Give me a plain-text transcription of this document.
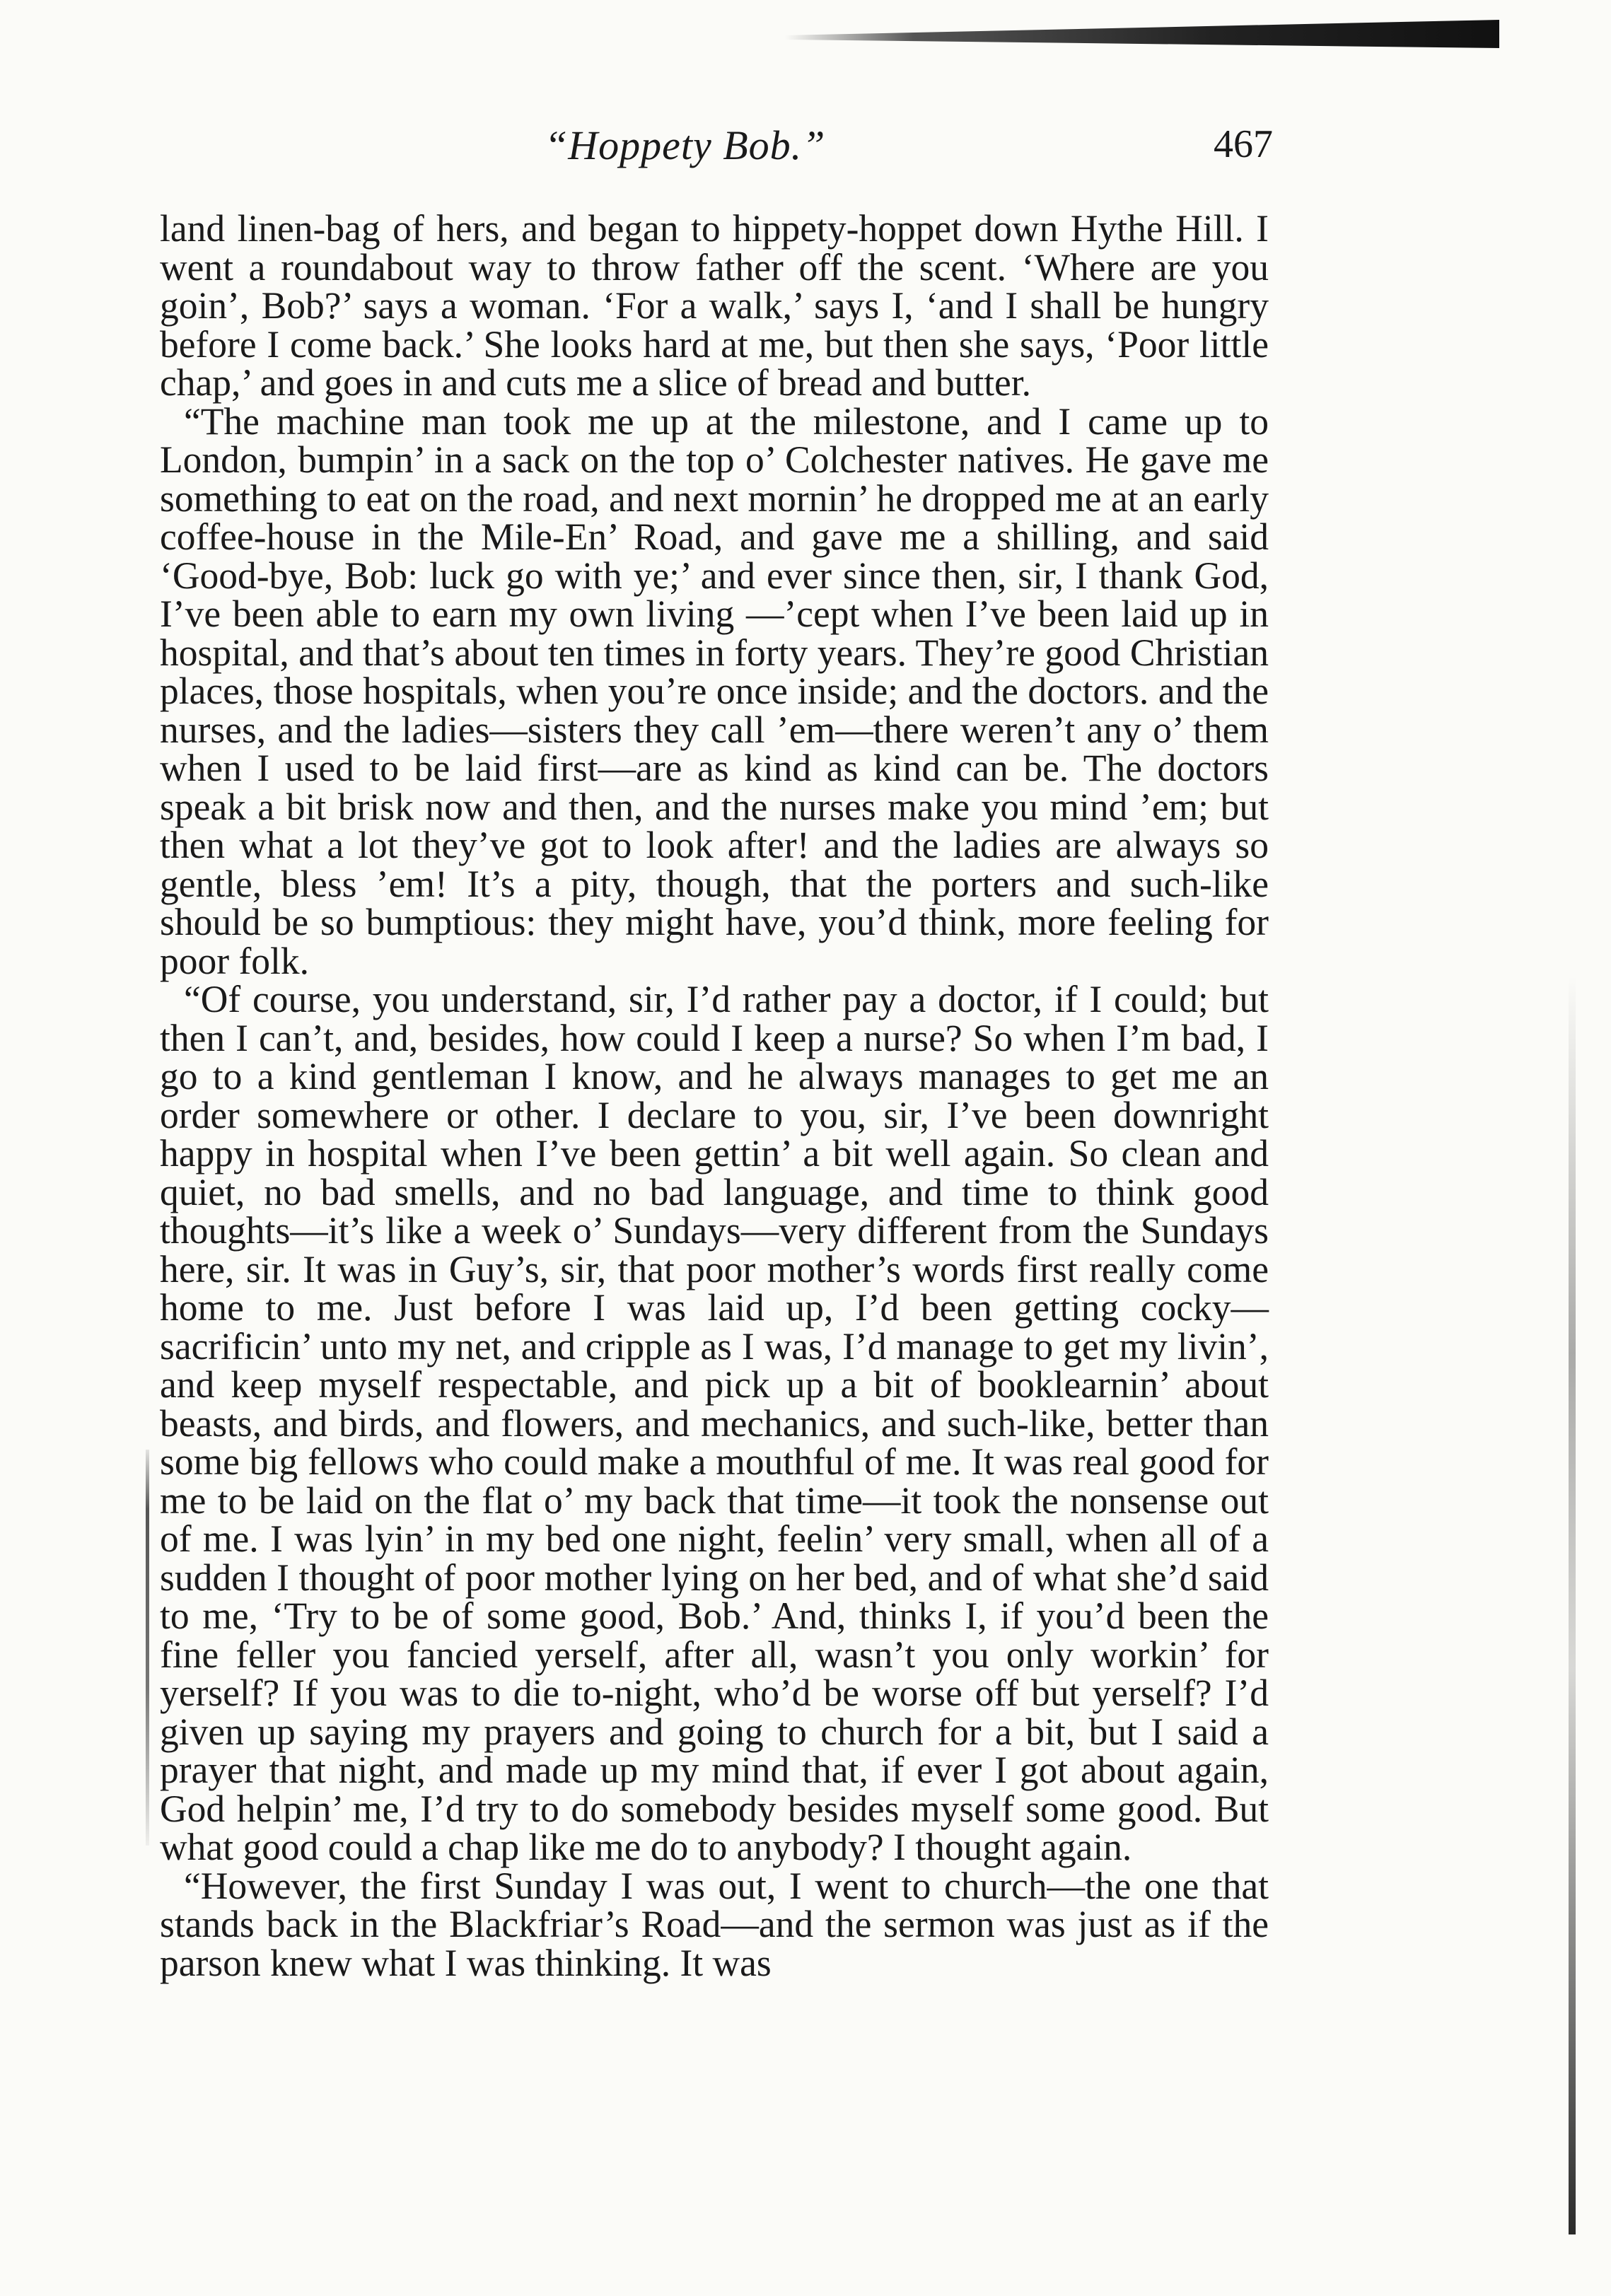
“Hoppety Bob.”	467

land linen-bag of hers, and began to hippety-hoppet down Hythe Hill. I went a roundabout way to throw father off the scent. ‘Where are you goin’, Bob?’ says a woman. ‘For a walk,’ says I, ‘and I shall be hungry before I come back.’ She looks hard at me, but then she says, ‘Poor little chap,’ and goes in and cuts me a slice of bread and butter.

“The machine man took me up at the milestone, and I came up to London, bumpin’ in a sack on the top o’ Colchester natives. He gave me something to eat on the road, and next mornin’ he dropped me at an early coffee-house in the Mile-En’ Road, and gave me a shilling, and said ‘Good-bye, Bob: luck go with ye;’ and ever since then, sir, I thank God, I’ve been able to earn my own living —’cept when I’ve been laid up in hospital, and that’s about ten times in forty years. They’re good Christian places, those hospitals, when you’re once inside; and the doctors. and the nurses, and the ladies—sisters they call ’em—there weren’t any o’ them when I used to be laid first—are as kind as kind can be. The doctors speak a bit brisk now and then, and the nurses make you mind ’em; but then what a lot they’ve got to look after! and the ladies are always so gentle, bless ’em! It’s a pity, though, that the porters and such-like should be so bumptious: they might have, you’d think, more feeling for poor folk.

“Of course, you understand, sir, I’d rather pay a doctor, if I could; but then I can’t, and, besides, how could I keep a nurse? So when I’m bad, I go to a kind gentleman I know, and he always manages to get me an order somewhere or other. I declare to you, sir, I’ve been downright happy in hospital when I’ve been gettin’ a bit well again. So clean and quiet, no bad smells, and no bad language, and time to think good thoughts—it’s like a week o’ Sundays—very different from the Sundays here, sir. It was in Guy’s, sir, that poor mother’s words first really come home to me. Just before I was laid up, I’d been getting cocky—sacrificin’ unto my net, and cripple as I was, I’d manage to get my livin’, and keep myself respectable, and pick up a bit of booklearnin’ about beasts, and birds, and flowers, and mechanics, and such-like, better than some big fellows who could make a mouthful of me. It was real good for me to be laid on the flat o’ my back that time—it took the nonsense out of me. I was lyin’ in my bed one night, feelin’ very small, when all of a sudden I thought of poor mother lying on her bed, and of what she’d said to me, ‘Try to be of some good, Bob.’ And, thinks I, if you’d been the fine feller you fancied yerself, after all, wasn’t you only workin’ for yerself? If you was to die to-night, who’d be worse off but yerself? I’d given up saying my prayers and going to church for a bit, but I said a prayer that night, and made up my mind that, if ever I got about again, God helpin’ me, I’d try to do somebody besides myself some good. But what good could a chap like me do to anybody? I thought again.

“However, the first Sunday I was out, I went to church—the one that stands back in the Blackfriar’s Road—and the sermon was just as if the parson knew what I was thinking. It was
